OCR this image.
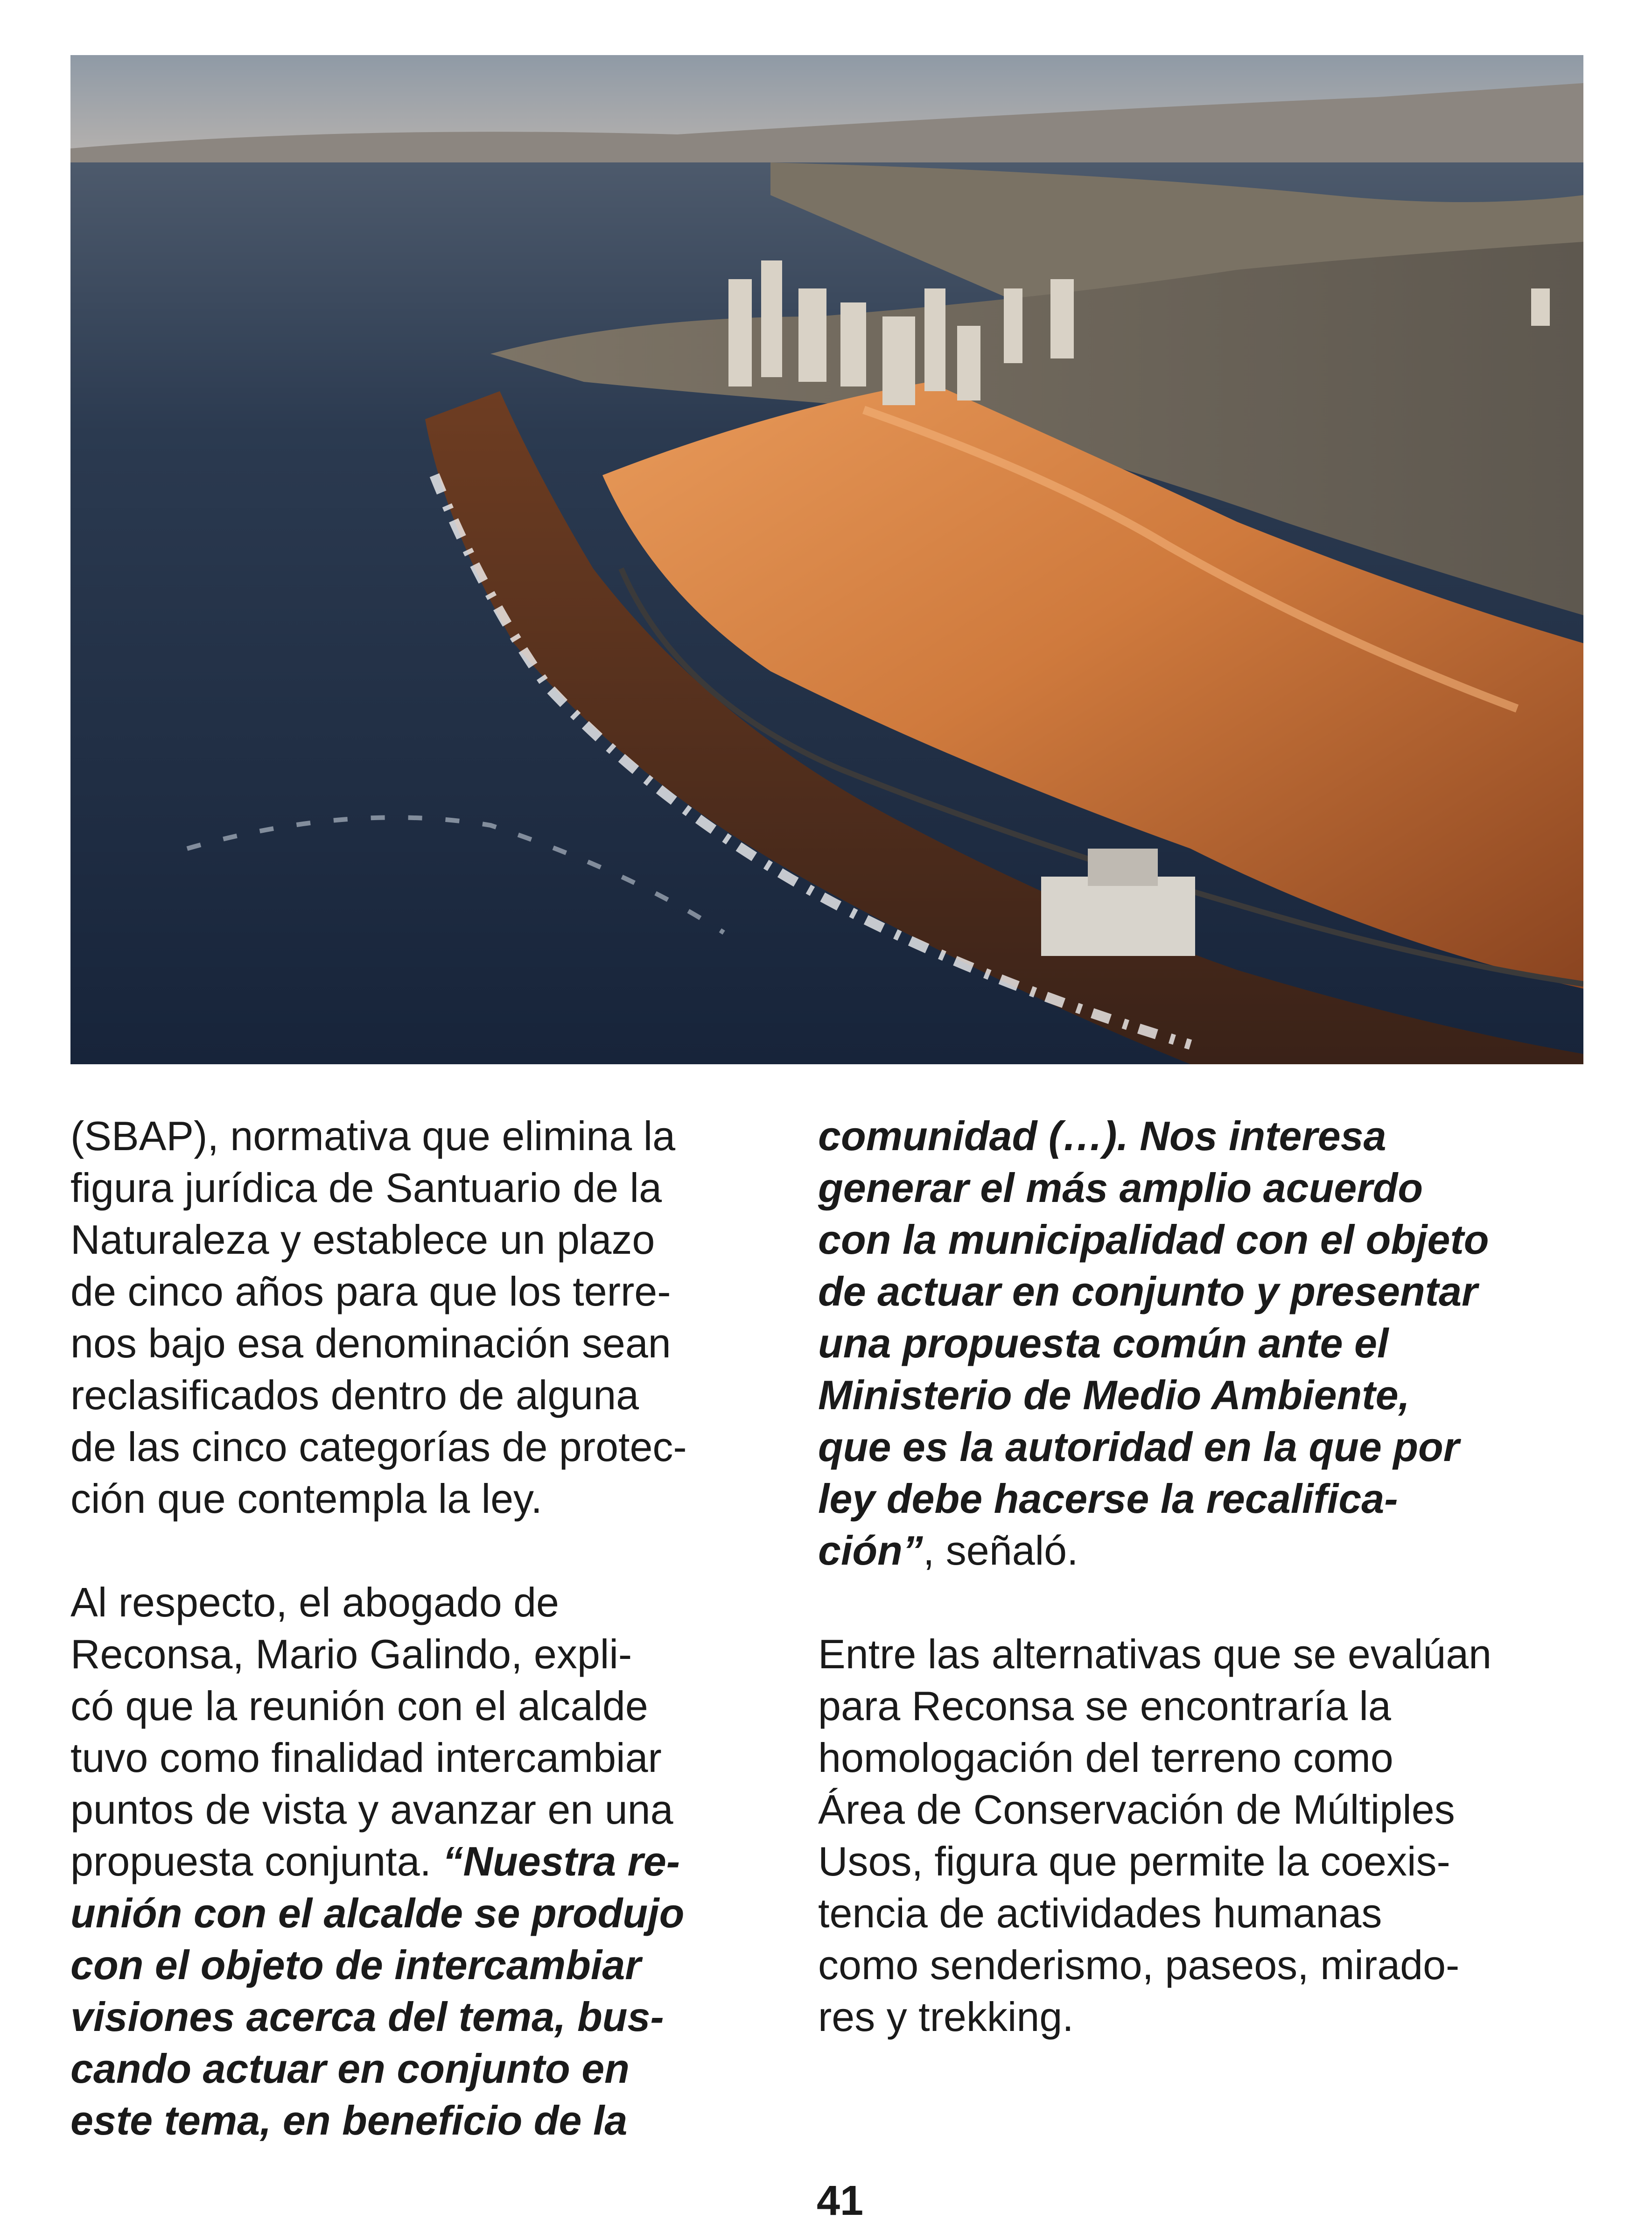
(SBAP), normativa que elimina la
figura jurídica de Santuario de la
Naturaleza y establece un plazo
de cinco años para que los terre-
nos bajo esa denominación sean
reclasificados dentro de alguna
de las cinco categorías de protec-
ción que contempla la ley.

Al respecto, el abogado de
Reconsa, Mario Galindo, expli-
có que la reunión con el alcalde
tuvo como finalidad intercambiar
puntos de vista y avanzar en una
propuesta conjunta. “Nuestra re-
unión con el alcalde se produjo
con el objeto de intercambiar
visiones acerca del tema, bus-
cando actuar en conjunto en
este tema, en beneficio de la

comunidad (…). Nos interesa
generar el más amplio acuerdo
con la municipalidad con el objeto
de actuar en conjunto y presentar
una propuesta común ante el
Ministerio de Medio Ambiente,
que es la autoridad en la que por
ley debe hacerse la recalifica-
ción”, señaló.

Entre las alternativas que se evalúan
para Reconsa se encontraría la
homologación del terreno como
Área de Conservación de Múltiples
Usos, figura que permite la coexis-
tencia de actividades humanas
como senderismo, paseos, mirado-
res y trekking.

41
